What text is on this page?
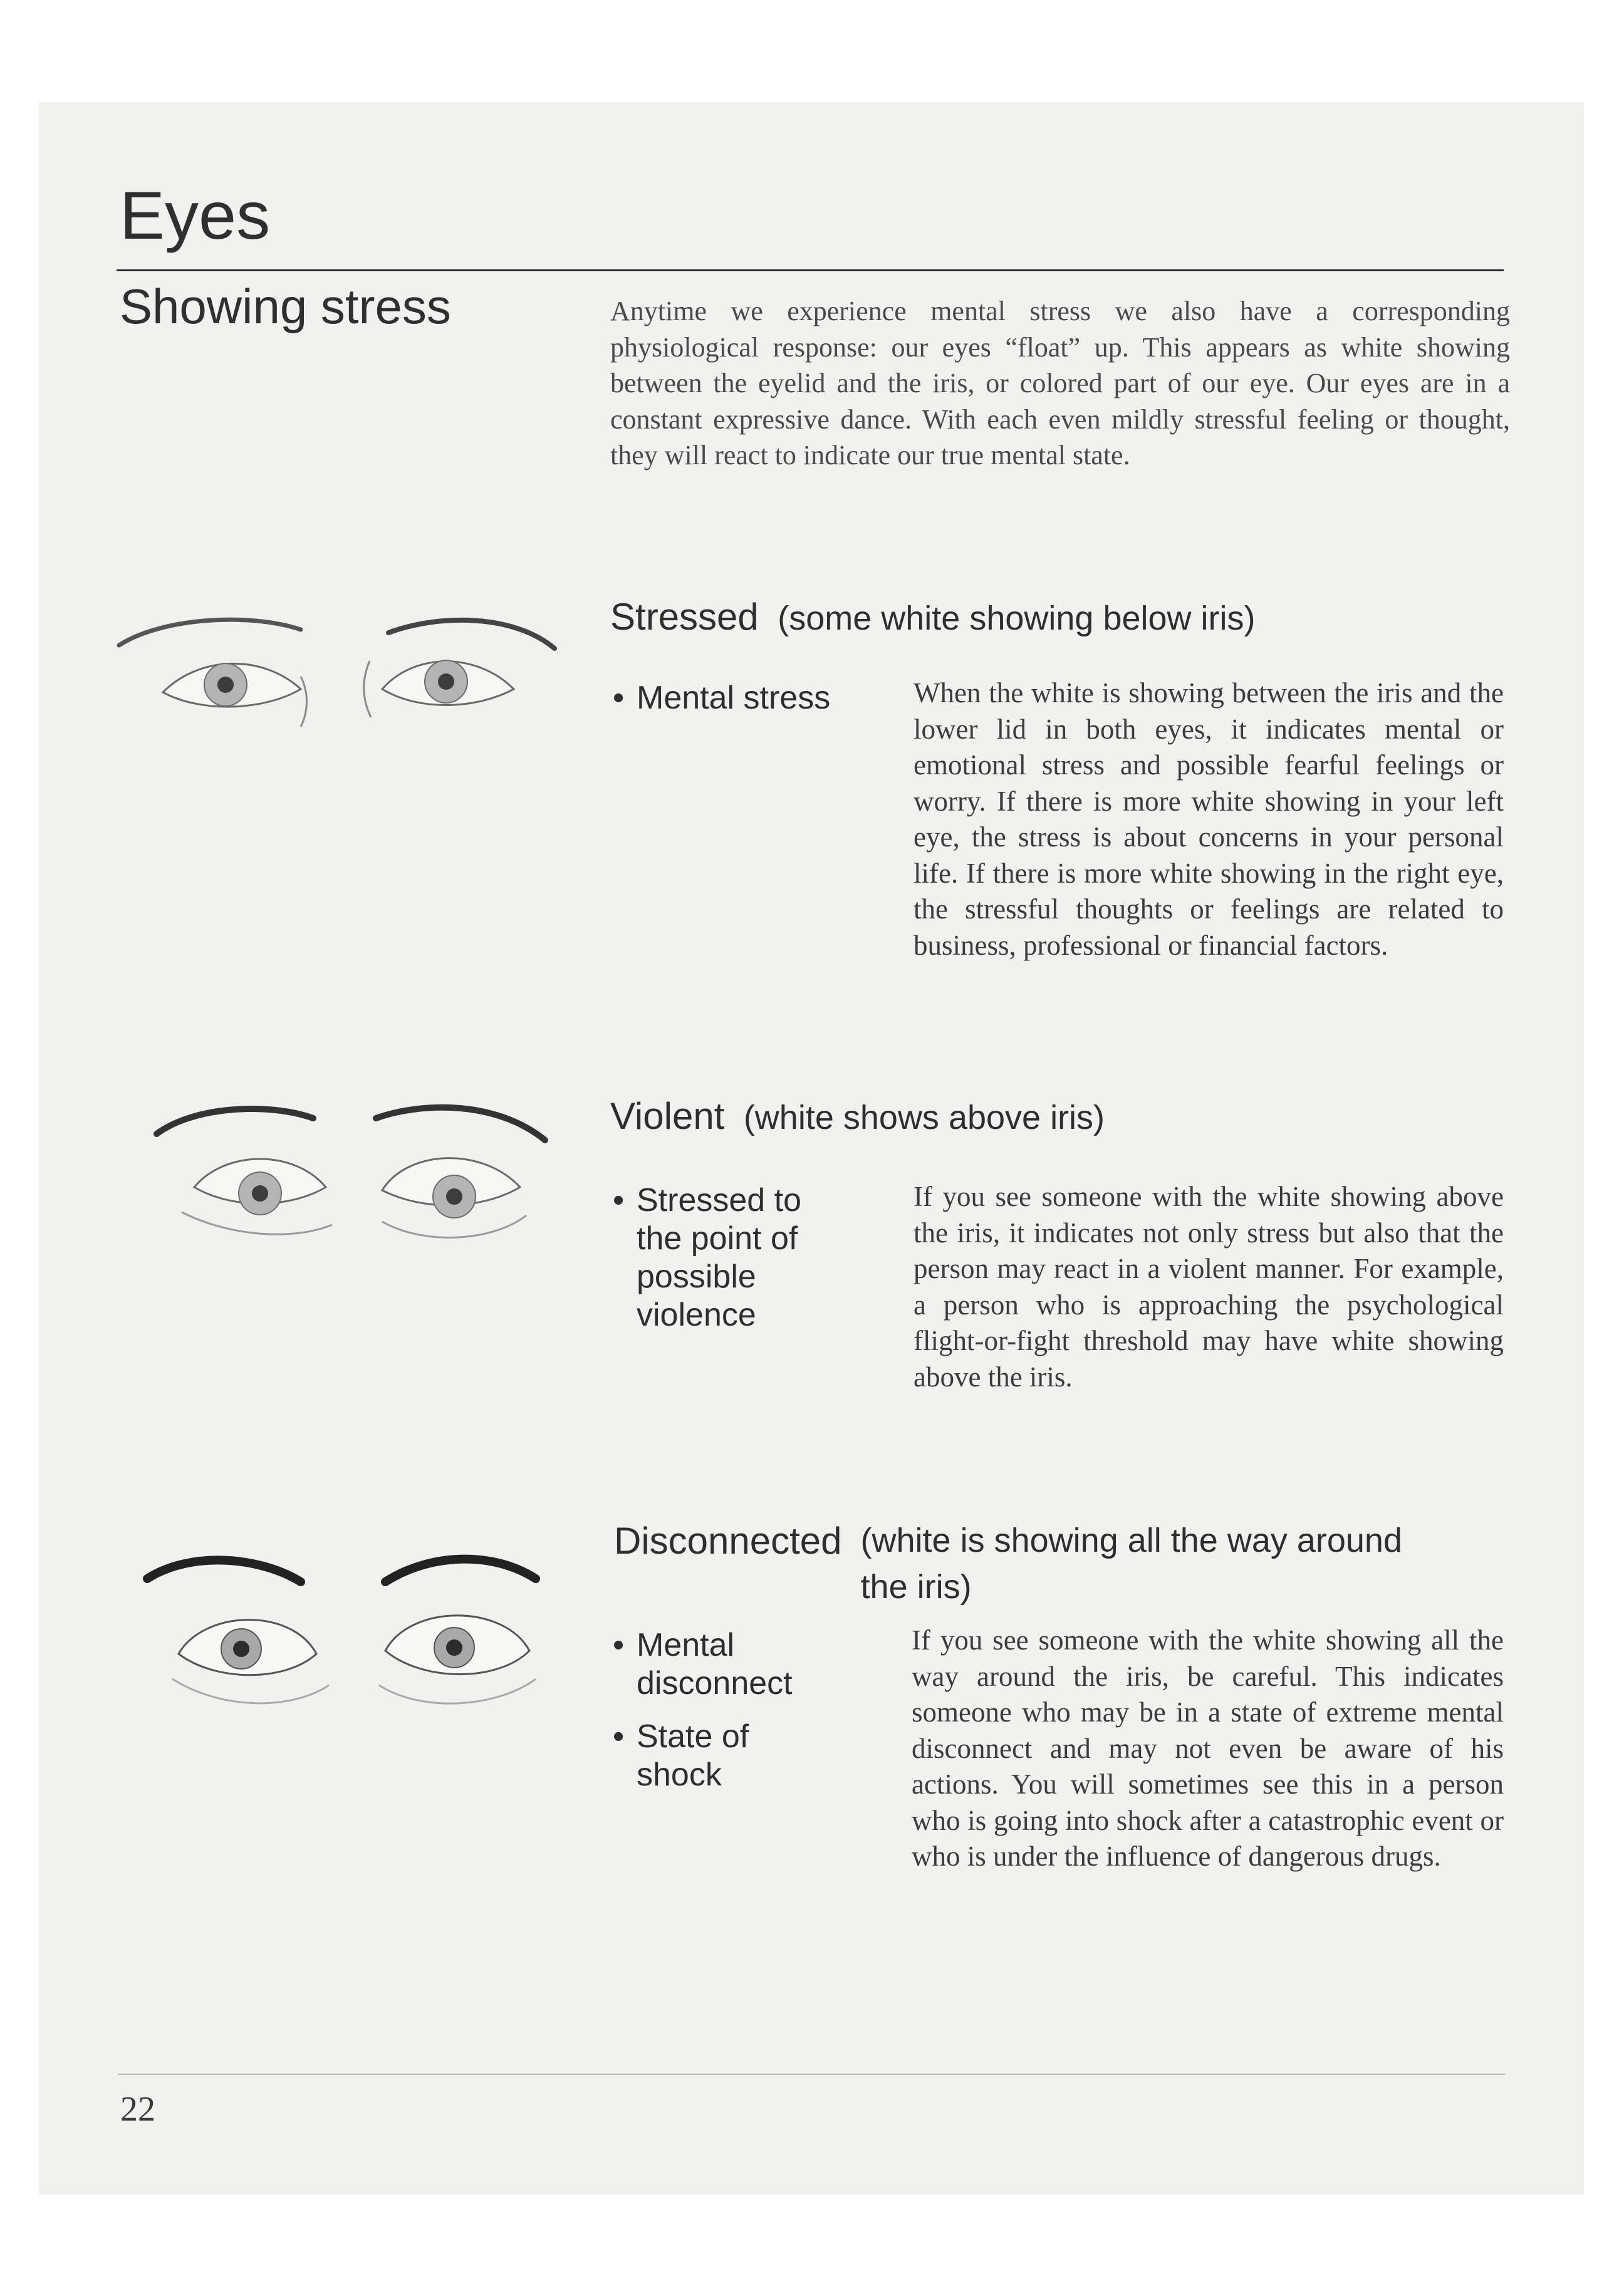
Eyes
Showing stress	Anytime we experience mental stress we also have a corresponding physiological response: our eyes “float” up. This appears as white showing between the eyelid and the iris, or colored part of our eye. Our eyes are in a constant expressive dance. With each even mildly stressful feeling or thought, they will react to indicate our true mental state.
Stressed (some white showing below iris)
• Mental stress	When the white is showing between the iris and the lower lid in both eyes, it indicates mental or emotional stress and possible fearful feelings or worry. If there is more white showing in your left eye, the stress is about concerns in your personal life. If there is more white showing in the right eye, the stressful thoughts or feelings are related to business, professional or financial factors.
Violent (white shows above iris)
• Stressed to the point of possible violence
If you see someone with the white showing above the iris, it indicates not only stress but also that the person may react in a violent manner. For example, a person who is approaching the psychological flight-or-fight threshold may have white showing above the iris.
Disconnected (white is showing all the way around the iris)
• Mental disconnect
• State of shock
If you see someone with the white showing all the way around the iris, be careful. This indicates someone who may be in a state of extreme mental disconnect and may not even be aware of his actions. You will sometimes see this in a person who is going into shock after a catastrophic event or who is under the influence of dangerous drugs.
22
